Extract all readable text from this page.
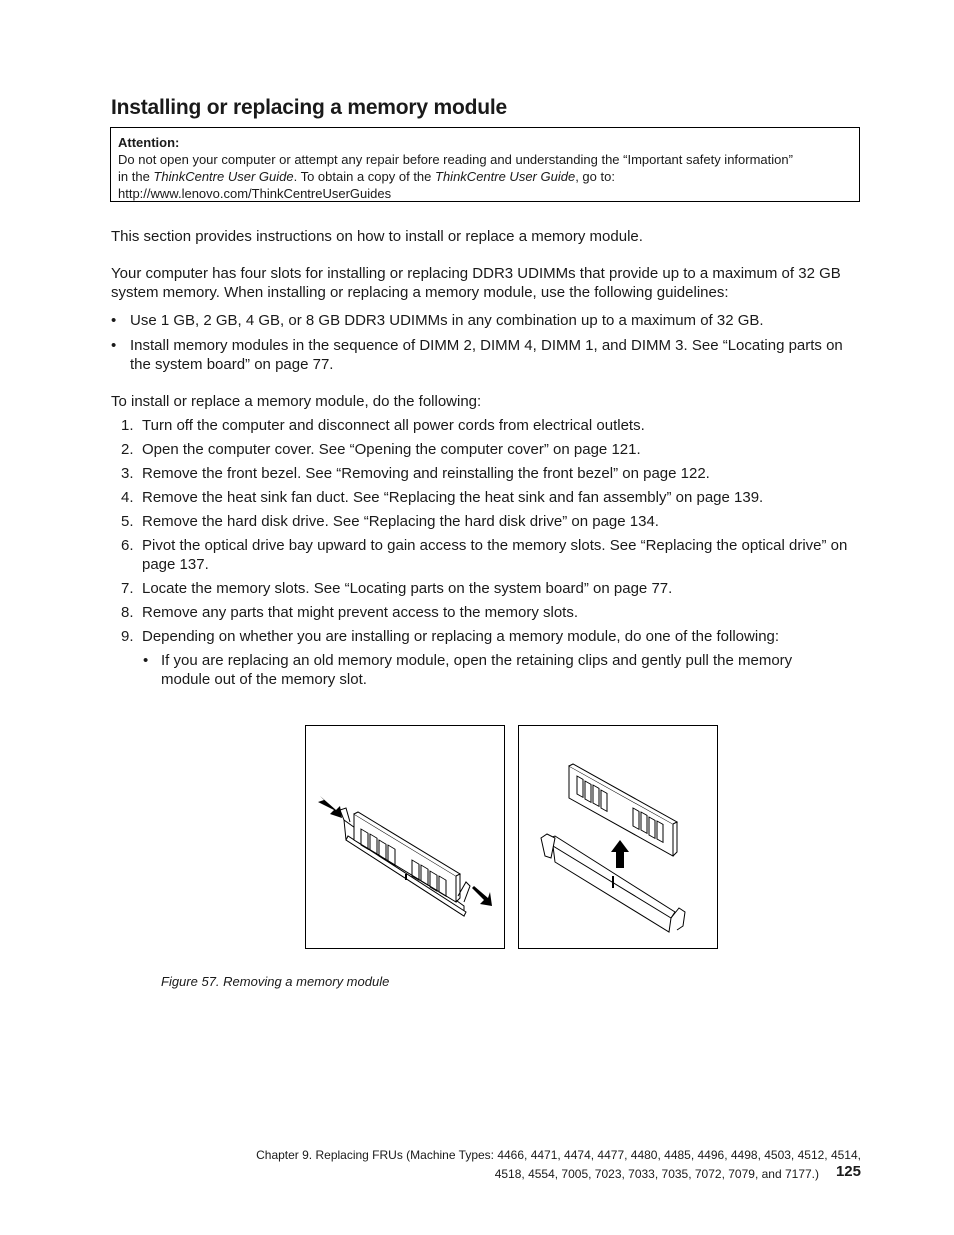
Installing or replacing a memory module
Attention:
Do not open your computer or attempt any repair before reading and understanding the “Important safety information”
in the ThinkCentre User Guide. To obtain a copy of the ThinkCentre User Guide, go to:
http://www.lenovo.com/ThinkCentreUserGuides
This section provides instructions on how to install or replace a memory module.
Your computer has four slots for installing or replacing DDR3 UDIMMs that provide up to a maximum of 32 GB system memory. When installing or replacing a memory module, use the following guidelines:
• Use 1 GB, 2 GB, 4 GB, or 8 GB DDR3 UDIMMs in any combination up to a maximum of 32 GB.
• Install memory modules in the sequence of DIMM 2, DIMM 4, DIMM 1, and DIMM 3. See “Locating parts on the system board” on page 77.
To install or replace a memory module, do the following:
1. Turn off the computer and disconnect all power cords from electrical outlets.
2. Open the computer cover. See “Opening the computer cover” on page 121.
3. Remove the front bezel. See “Removing and reinstalling the front bezel” on page 122.
4. Remove the heat sink fan duct. See “Replacing the heat sink and fan assembly” on page 139.
5. Remove the hard disk drive. See “Replacing the hard disk drive” on page 134.
6. Pivot the optical drive bay upward to gain access to the memory slots. See “Replacing the optical drive” on page 137.
7. Locate the memory slots. See “Locating parts on the system board” on page 77.
8. Remove any parts that might prevent access to the memory slots.
9. Depending on whether you are installing or replacing a memory module, do one of the following:
• If you are replacing an old memory module, open the retaining clips and gently pull the memory module out of the memory slot.
Figure 57. Removing a memory module
Chapter 9. Replacing FRUs (Machine Types: 4466, 4471, 4474, 4477, 4480, 4485, 4496, 4498, 4503, 4512, 4514,
4518, 4554, 7005, 7023, 7033, 7035, 7072, 7079, and 7177.) 125
